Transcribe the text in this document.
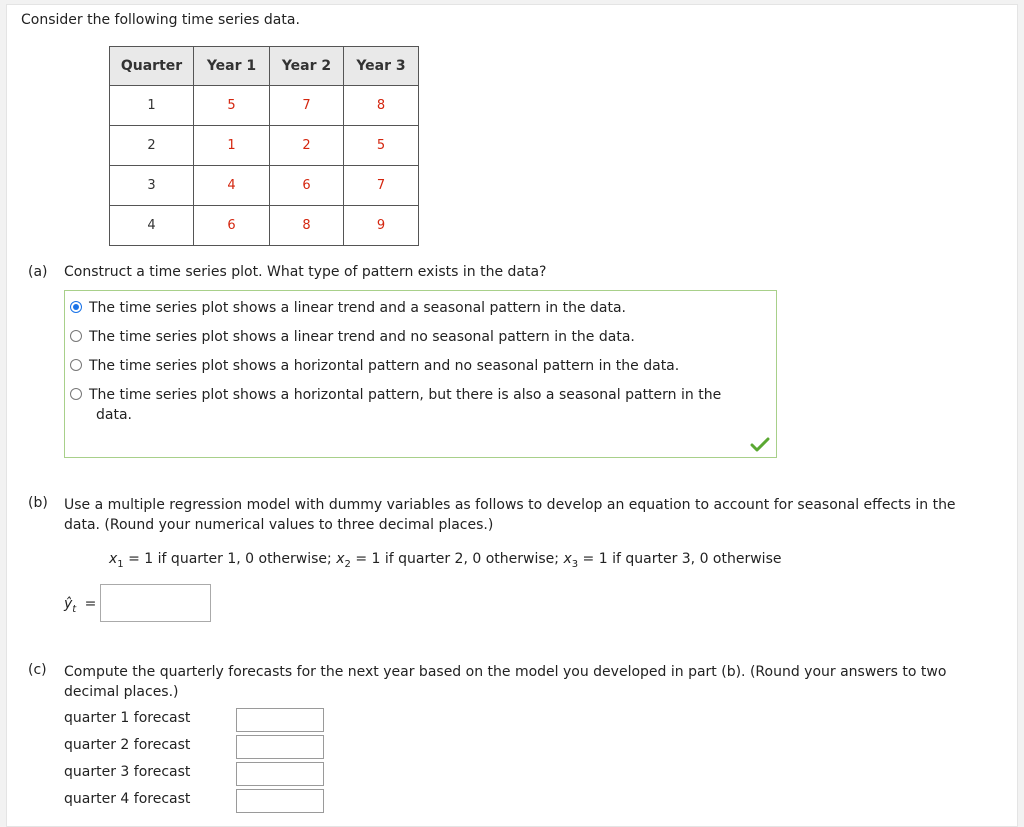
Consider the following time series data.
Quarter	Year 1	Year 2	Year 3
1	5	7	8
2	1	2	5
3	4	6	7
4	6	8	9
(a) Construct a time series plot. What type of pattern exists in the data?
The time series plot shows a linear trend and a seasonal pattern in the data.
The time series plot shows a linear trend and no seasonal pattern in the data.
The time series plot shows a horizontal pattern and no seasonal pattern in the data.
The time series plot shows a horizontal pattern, but there is also a seasonal pattern in the
data.
(b) Use a multiple regression model with dummy variables as follows to develop an equation to account for seasonal effects in the
data. (Round your numerical values to three decimal places.)
$x_1 = 1$ if quarter 1, 0 otherwise; $x_2 = 1$ if quarter 2, 0 otherwise; $x_3 = 1$ if quarter 3, 0 otherwise
$ŷ_t$ =
(c) Compute the quarterly forecasts for the next year based on the model you developed in part (b). (Round your answers to two
decimal places.)
quarter 1 forecast
quarter 2 forecast
quarter 3 forecast
quarter 4 forecast
